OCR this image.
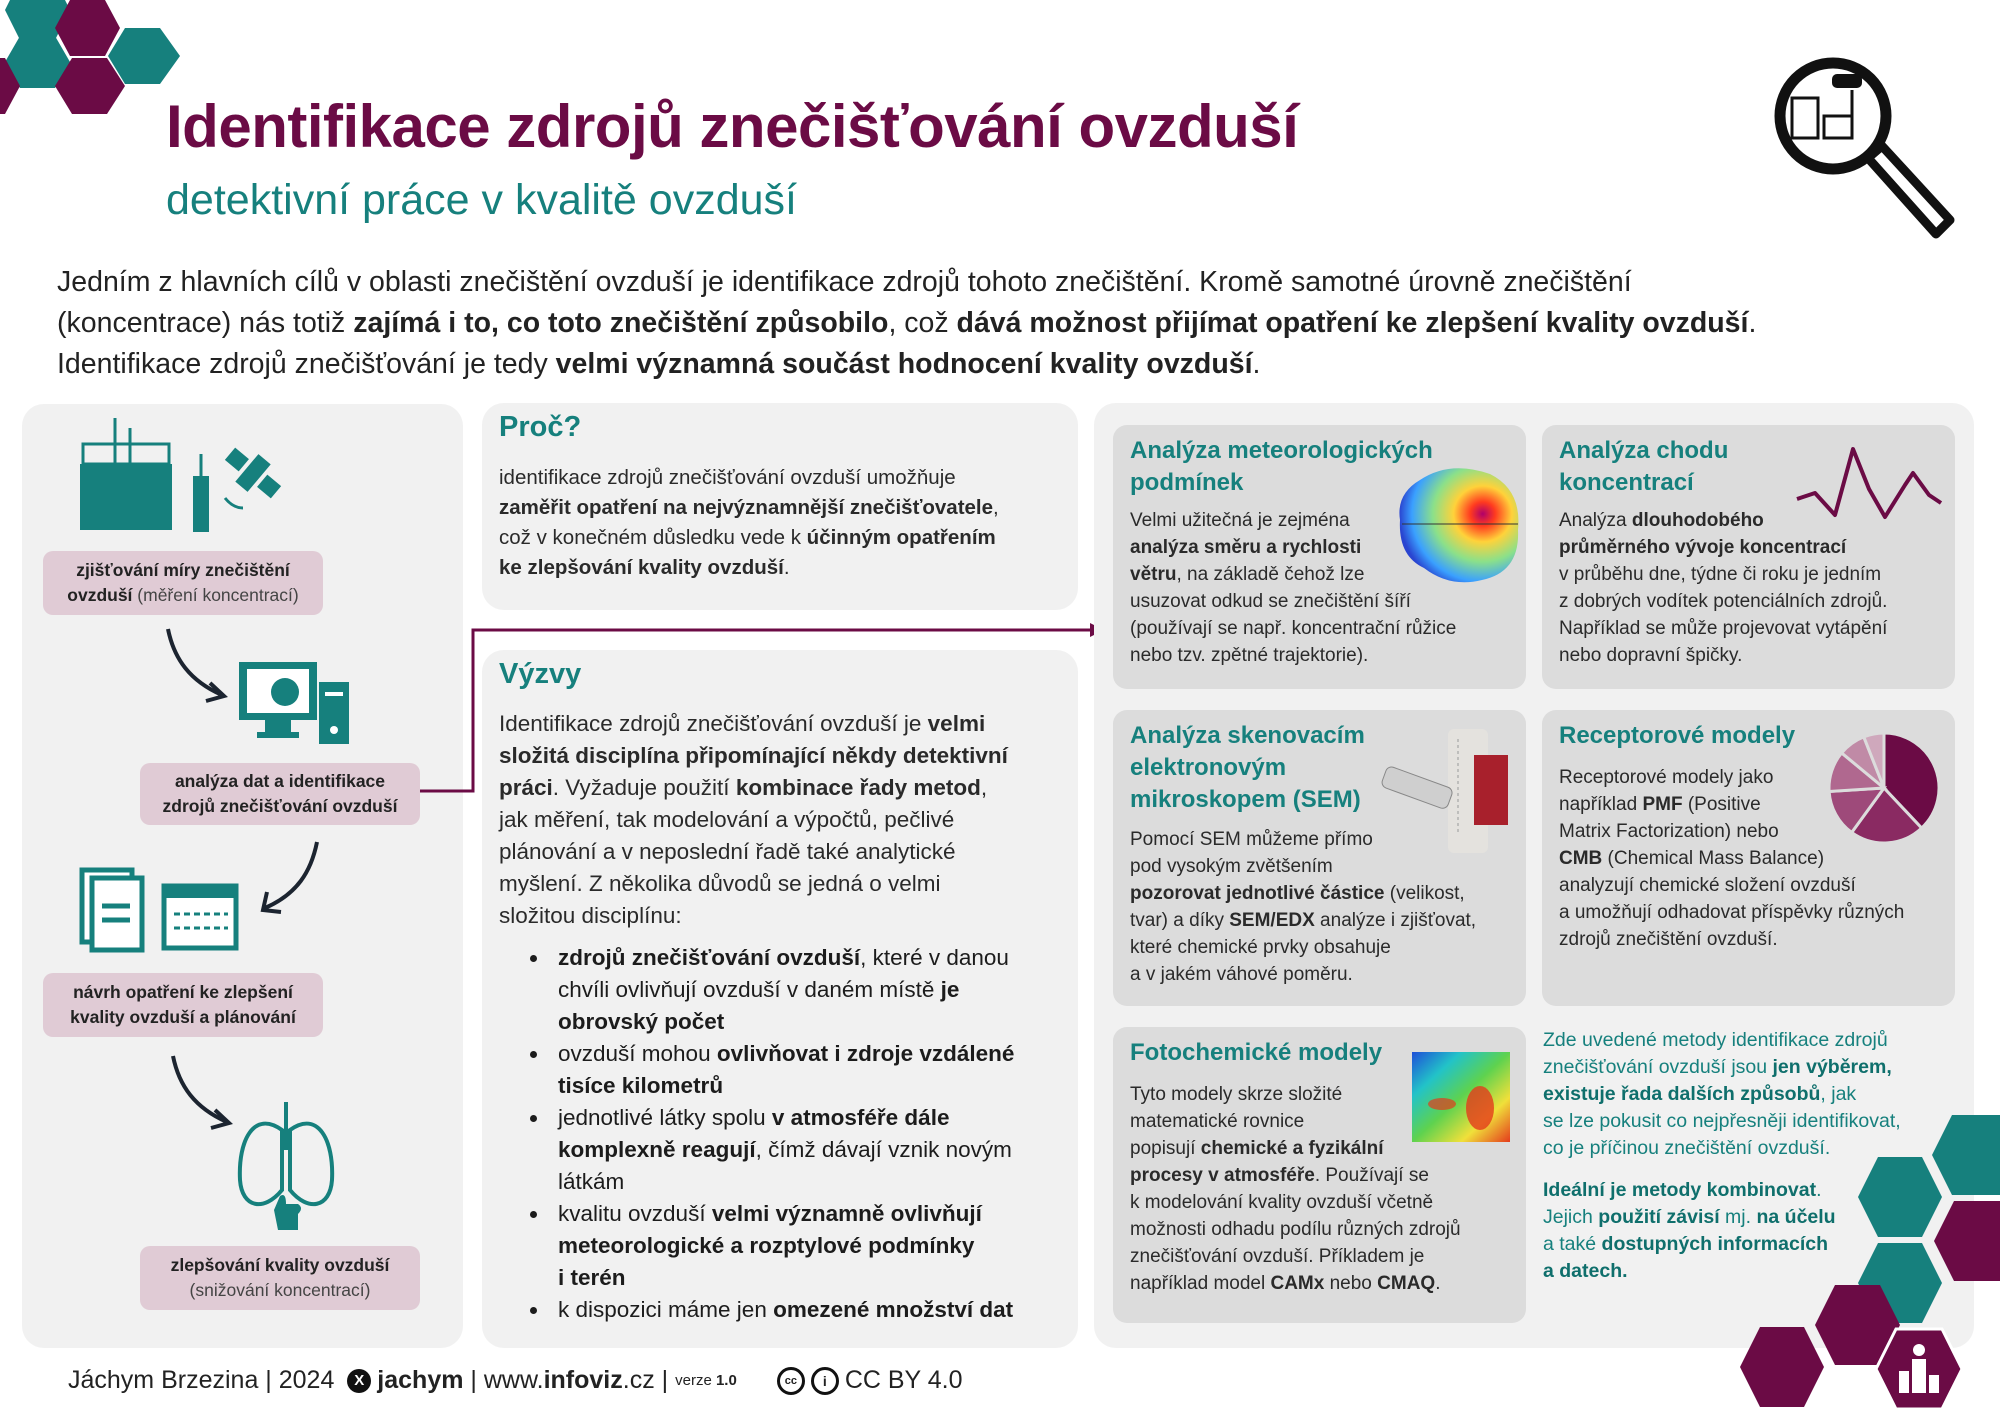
Identifikace zdrojů znečišťování ovzduší
detektivní práce v kvalitě ovzduší
Jedním z hlavních cílů v oblasti znečištění ovzduší je identifikace zdrojů tohoto znečištění. Kromě samotné úrovně znečištění
(koncentrace) nás totiž zajímá i to, co toto znečištění způsobilo, což dává možnost přijímat opatření ke zlepšení kvality ovzduší.
Identifikace zdrojů znečišťování je tedy velmi významná součást hodnocení kvality ovzduší.
zjišťování míry znečištění
ovzduší (měření koncentrací)
analýza dat a identifikace
zdrojů znečišťování ovzduší
návrh opatření ke zlepšení
kvality ovzduší a plánování
zlepšování kvality ovzduší
(snižování koncentrací)
Proč?
identifikace zdrojů znečišťování ovzduší umožňuje
zaměřit opatření na nejvýznamnější znečišťovatele,
což v konečném důsledku vede k účinným opatřením
ke zlepšování kvality ovzduší.
Výzvy
Identifikace zdrojů znečišťování ovzduší je velmi
složitá disciplína připomínající někdy detektivní
práci. Vyžaduje použití kombinace řady metod,
jak měření, tak modelování a výpočtů, pečlivé
plánování a v neposlední řadě také analytické
myšlení. Z několika důvodů se jedná o velmi
složitou disciplínu:
zdrojů znečišťování ovzduší, které v danou
chvíli ovlivňují ovzduší v daném místě je
obrovský počet
ovzduší mohou ovlivňovat i zdroje vzdálené
tisíce kilometrů
jednotlivé látky spolu v atmosféře dále
komplexně reagují, čímž dávají vznik novým
látkám
kvalitu ovzduší velmi významně ovlivňují
meteorologické a rozptylové podmínky
i terén
k dispozici máme jen omezené množství dat
Analýza meteorologických
podmínek
Velmi užitečná je zejména
analýza směru a rychlosti
větru, na základě čehož lze
usuzovat odkud se znečištění šíří
(používají se např. koncentrační růžice
nebo tzv. zpětné trajektorie).
Analýza chodu
koncentrací
Analýza dlouhodobého
průměrného vývoje koncentrací
v průběhu dne, týdne či roku je jedním
z dobrých vodítek potenciálních zdrojů.
Například se může projevovat vytápění
nebo dopravní špičky.
Analýza skenovacím
elektronovým
mikroskopem (SEM)
Pomocí SEM můžeme přímo
pod vysokým zvětšením
pozorovat jednotlivé částice (velikost,
tvar) a díky SEM/EDX analýze i zjišťovat,
které chemické prvky obsahuje
a v jakém váhové poměru.
Receptorové modely
Receptorové modely jako
například PMF (Positive
Matrix Factorization) nebo
CMB (Chemical Mass Balance)
analyzují chemické složení ovzduší
a umožňují odhadovat příspěvky různých
zdrojů znečištění ovzduší.
Fotochemické modely
Tyto modely skrze složité
matematické rovnice
popisují chemické a fyzikální
procesy v atmosféře. Používají se
k modelování kvality ovzduší včetně
možnosti odhadu podílu různých zdrojů
znečišťování ovzduší. Příkladem je
například model CAMx nebo CMAQ.
Zde uvedené metody identifikace zdrojů
znečišťování ovzduší jsou jen výběrem,
existuje řada dalších způsobů, jak
se lze pokusit co nejpřesněji identifikovat,
co je příčinou znečištění ovzduší.
Ideální je metody kombinovat.
Jejich použití závisí mj. na účelu
a také dostupných informacích
a datech.
Jáchym Brzezina | 2024 X jachym | www. infoviz .cz | verze 1.0	cc	i CC BY 4.0
